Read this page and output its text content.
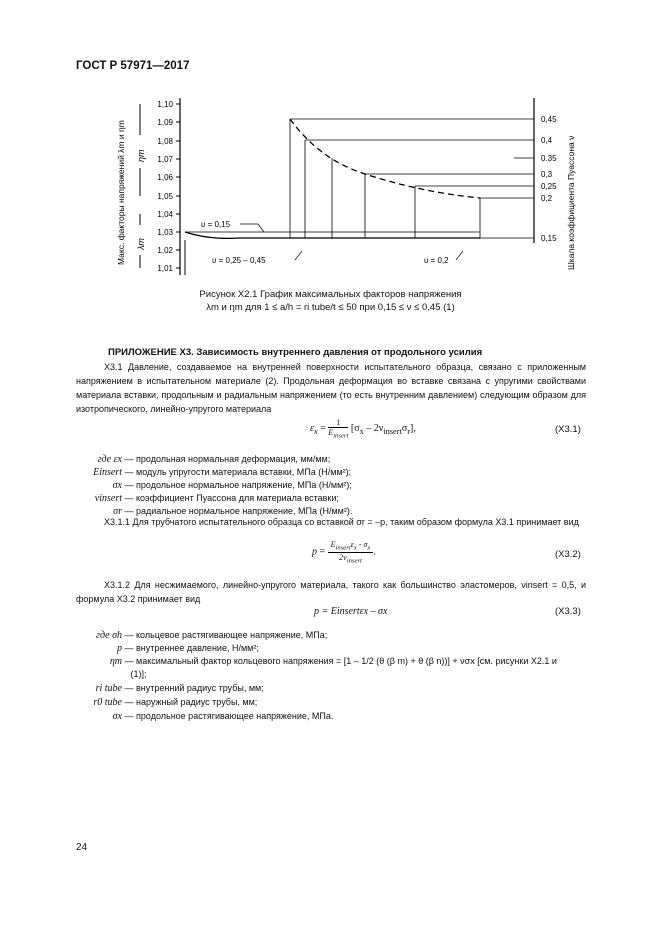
ГОСТ Р 57971—2017
1,10
1,09
1,08
1,07
1,06
1,05
1,04
1,03
1,02
1,01
Макс. факторы напряжений λm и ηm ηm
λm	Шкала коэффициента Пуассона ν
0,45
0,4
0.35
0,3
0,25
0,2
0,15
υ = 0,15
υ = 0,25 – 0,45	υ = 0,2
Рисунок X2.1 График максимальных факторов напряжения
λm и ηm для 1 ≤ a/h = ri tube/t ≤ 50 при 0,15 ≤ ν ≤ 0,45 (1)
ПРИЛОЖЕНИЕ X3. Зависимость внутреннего давления от продольного усилия
X3.1 Давление, создаваемое на внутренней поверхности испытательного образца, связано с приложенным напряжением в испытательном материале (2). Продольная деформация во вставке связана с упругими свойствами материала вставки, продольным и радиальным напряжением (то есть внутренним давлением) следующим образом для изотропического, линейно-упругого материала
$\varepsilon_x$ =
1
$E_{insert}$
$[\sigma_x - 2\nu_{insert}\sigma_r]$,	(X3.1)
где εx — продольная нормальная деформация, мм/мм;
Einsert — модуль упругости материала вставки, МПа (Н/мм²);
σx — продольное нормальное напряжение, МПа (Н/мм²);
νinsert — коэффициент Пуассона для материала вставки;
σr — радиальное нормальное напряжение, МПа (Н/мм²).
X3.1.1 Для трубчатого испытательного образца со вставкой σr = –p, таким образом формула X3.1 принимает вид
p =
$E_{insert}\varepsilon_x - \sigma_x$
$2\nu_{insert}$
.	(X3.2)
X3.1.2 Для несжимаемого, линейно-упругого материала, такого как большинство эластомеров, νinsert = 0,5, и формула X3.2 принимает вид
p = Einsertεx – σx	(X3.3)
где σh — кольцевое растягивающее напряжение, МПа;
p — внутреннее давление, Н/мм²;
ηm — максимальный фактор кольцевого напряжения = [1 – 1/2 (θ (β m) + θ (β n))] + νσx [см. рисунки X2.1 и
(1)];
ri tube — внутренний радиус трубы, мм;
r0 tube — наружный радиус трубы, мм;
σx — продольное растягивающее напряжение, МПа.
24
